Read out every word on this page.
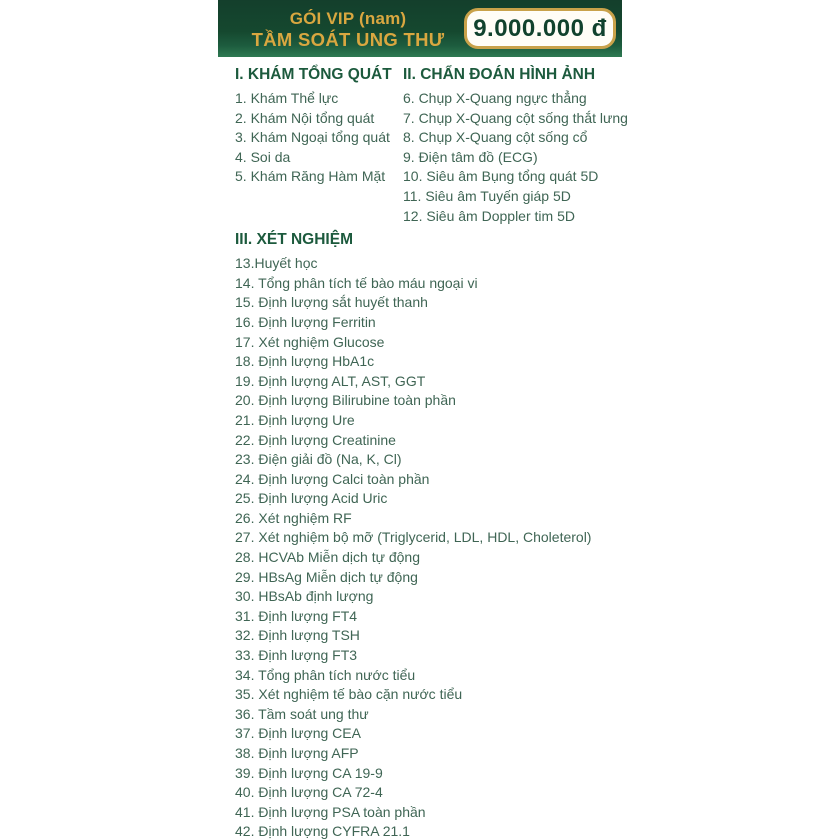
GÓI VIP (nam)
TẦM SOÁT UNG THƯ	9.000.000 đ
I. KHÁM TỔNG QUÁT
1. Khám Thể lực
2. Khám Nội tổng quát
3. Khám Ngoại tổng quát
4. Soi da
5. Khám Răng Hàm Mặt
II. CHẨN ĐOÁN HÌNH ẢNH
6. Chụp X-Quang ngực thẳng
7. Chụp X-Quang cột sống thắt lưng
8. Chụp X-Quang cột sống cổ
9. Điện tâm đồ (ECG)
10. Siêu âm Bụng tổng quát 5D
11. Siêu âm Tuyến giáp 5D
12. Siêu âm Doppler tim 5D
III. XÉT NGHIỆM
13.Huyết học
14. Tổng phân tích tế bào máu ngoại vi
15. Định lượng sắt huyết thanh
16. Định lượng Ferritin
17. Xét nghiệm Glucose
18. Định lượng HbA1c
19. Định lượng ALT, AST, GGT
20. Định lượng Bilirubine toàn phần
21. Định lượng Ure
22. Định lượng Creatinine
23. Điện giải đồ (Na, K, Cl)
24. Định lượng Calci toàn phần
25. Định lượng Acid Uric
26. Xét nghiệm RF
27. Xét nghiệm bộ mỡ (Triglycerid, LDL, HDL, Choleterol)
28. HCVAb Miễn dịch tự động
29. HBsAg Miễn dịch tự động
30. HBsAb định lượng
31. Định lượng FT4
32. Định lượng TSH
33. Định lượng FT3
34. Tổng phân tích nước tiểu
35. Xét nghiệm tế bào cặn nước tiểu
36. Tầm soát ung thư
37. Định lượng CEA
38. Định lượng AFP
39. Định lượng CA 19-9
40. Định lượng CA 72-4
41. Định lượng PSA toàn phần
42. Định lượng CYFRA 21.1
